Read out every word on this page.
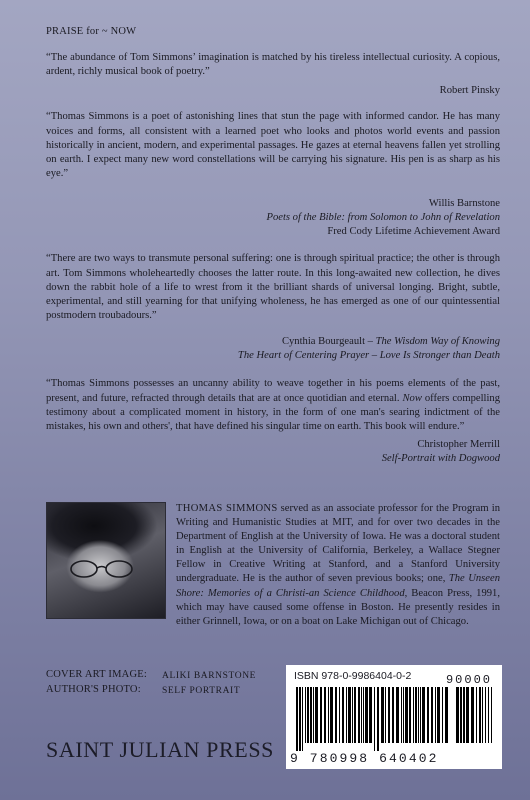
PRAISE for ~ NOW
“The abundance of Tom Simmons’ imagination is matched by his tireless intellectual curiosity. A copious, ardent, richly musical book of poetry.”
Robert Pinsky
“Thomas Simmons is a poet of astonishing lines that stun the page with informed candor. He has many voices and forms, all consistent with a learned poet who looks and photos world events and passion historically in ancient, modern, and experimental passages. He gazes at eternal heavens fallen yet strolling on earth. I expect many new word constellations will be carrying his signature. His pen is as sharp as his eye.”
Willis Barnstone
Poets of the Bible: from Solomon to John of Revelation
Fred Cody Lifetime Achievement Award
“There are two ways to transmute personal suffering: one is through spiritual practice; the other is through art. Tom Simmons wholeheartedly chooses the latter route. In this long-awaited new collection, he dives down the rabbit hole of a life to wrest from it the brilliant shards of universal longing. Bright, subtle, experimental, and still yearning for that unifying wholeness, he has emerged as one of our quintessential postmodern troubadours.”
Cynthia Bourgeault – The Wisdom Way of Knowing
The Heart of Centering Prayer – Love Is Stronger than Death
“Thomas Simmons possesses an uncanny ability to weave together in his poems elements of the past, present, and future, refracted through details that are at once quotidian and eternal. Now offers compelling testimony about a complicated moment in history, in the form of one man's searing indictment of the mistakes, his own and others', that have defined his singular time on earth. This book will endure.”
Christopher Merrill
Self-Portrait with Dogwood
THOMAS SIMMONS served as an associate professor for the Program in Writing and Humanistic Studies at MIT, and for over two decades in the Department of English at the University of Iowa. He was a doctoral student in English at the University of California, Berkeley, a Wallace Stegner Fellow in Creative Writing at Stanford, and a Stanford University undergraduate. He is the author of seven previous books; one, The Unseen Shore: Memories of a Christi-an Science Childhood, Beacon Press, 1991, which may have caused some offense in Boston. He presently resides in either Grinnell, Iowa, or on a boat on Lake Michigan out of Chicago.
COVER ART IMAGE:	ALIKI BARNSTONE
AUTHOR'S PHOTO:	SELF PORTRAIT
SAINT JULIAN PRESS
ISBN 978-0-9986404-0-2	90000
9 780998 640402
